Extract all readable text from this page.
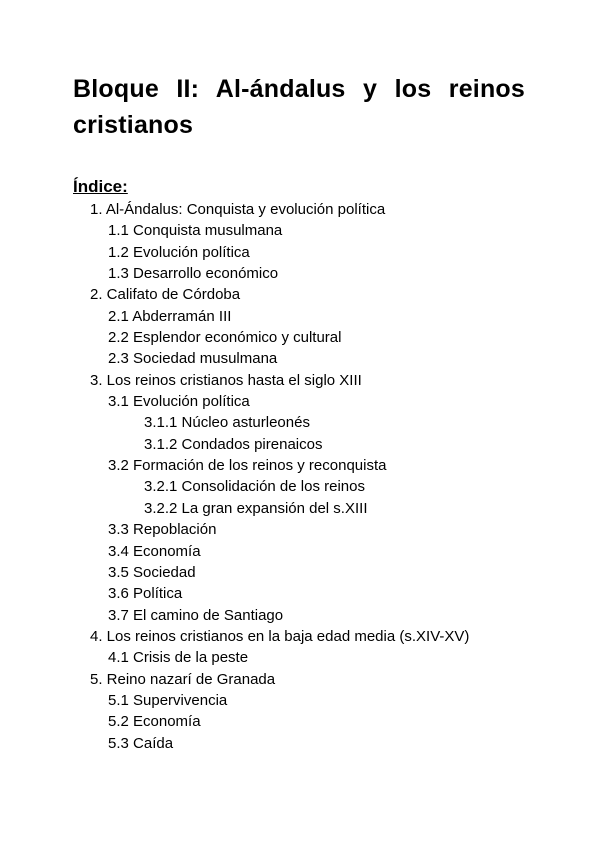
Bloque II: Al-ándalus y los reinos cristianos
Índice:
1. Al-Ándalus: Conquista y evolución política
1.1 Conquista musulmana
1.2 Evolución política
1.3 Desarrollo económico
2. Califato de Córdoba
2.1 Abderramán III
2.2 Esplendor económico y cultural
2.3 Sociedad musulmana
3. Los reinos cristianos hasta el siglo XIII
3.1 Evolución política
3.1.1 Núcleo asturleonés
3.1.2 Condados pirenaicos
3.2 Formación de los reinos y reconquista
3.2.1 Consolidación de los reinos
3.2.2 La gran expansión del s.XIII
3.3 Repoblación
3.4 Economía
3.5 Sociedad
3.6 Política
3.7 El camino de Santiago
4. Los reinos cristianos en la baja edad media (s.XIV-XV)
4.1 Crisis de la peste
5. Reino nazarí de Granada
5.1 Supervivencia
5.2 Economía
5.3 Caída
